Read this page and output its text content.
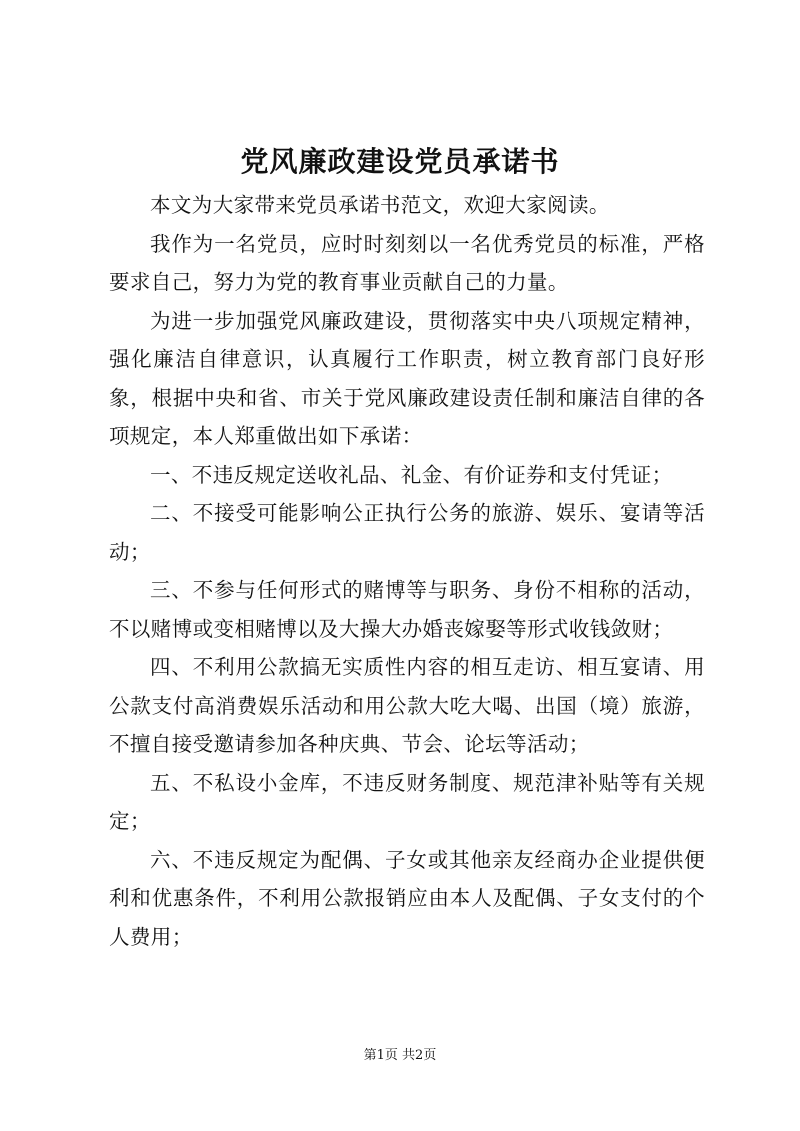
党风廉政建设党员承诺书

本文为大家带来党员承诺书范文，欢迎大家阅读。

我作为一名党员，应时时刻刻以一名优秀党员的标准，严格要求自己，努力为党的教育事业贡献自己的力量。

为进一步加强党风廉政建设，贯彻落实中央八项规定精神，强化廉洁自律意识，认真履行工作职责，树立教育部门良好形象，根据中央和省、市关于党风廉政建设责任制和廉洁自律的各项规定，本人郑重做出如下承诺：

一、不违反规定送收礼品、礼金、有价证券和支付凭证；

二、不接受可能影响公正执行公务的旅游、娱乐、宴请等活动；

三、不参与任何形式的赌博等与职务、身份不相称的活动，不以赌博或变相赌博以及大操大办婚丧嫁娶等形式收钱敛财；

四、不利用公款搞无实质性内容的相互走访、相互宴请、用公款支付高消费娱乐活动和用公款大吃大喝、出国（境）旅游，不擅自接受邀请参加各种庆典、节会、论坛等活动；

五、不私设小金库，不违反财务制度、规范津补贴等有关规定；

六、不违反规定为配偶、子女或其他亲友经商办企业提供便利和优惠条件，不利用公款报销应由本人及配偶、子女支付的个人费用；

第1页 共2页
